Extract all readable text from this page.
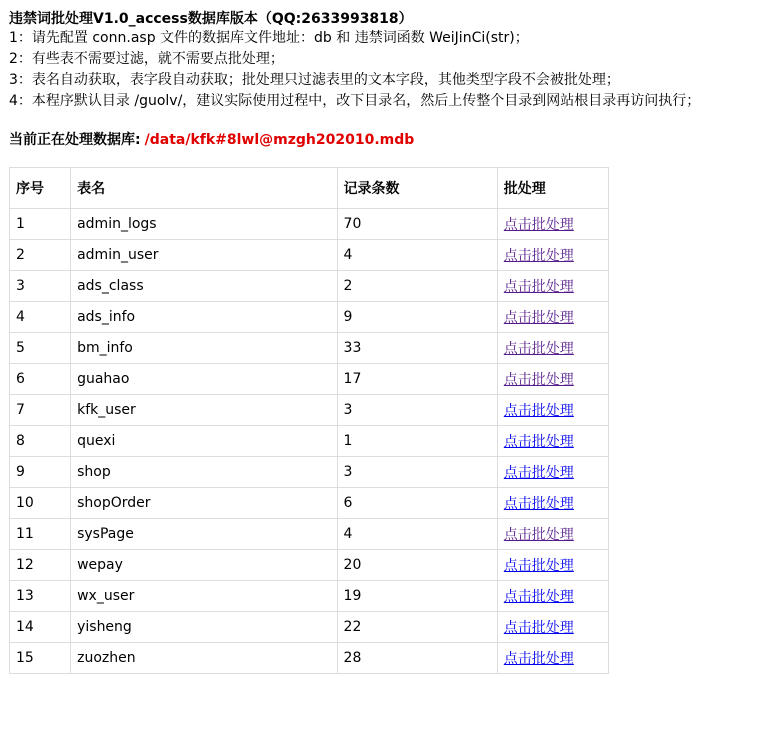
违禁词批处理V1.0_access数据库版本（QQ:2633993818）
1：请先配置 conn.asp 文件的数据库文件地址：db 和 违禁词函数 WeiJinCi(str)；
2：有些表不需要过滤，就不需要点批处理；
3：表名自动获取，表字段自动获取；批处理只过滤表里的文本字段，其他类型字段不会被批处理；
4：本程序默认目录 /guolv/，建议实际使用过程中，改下目录名，然后上传整个目录到网站根目录再访问执行；
当前正在处理数据库: /data/kfk#8lwl@mzgh202010.mdb
序号	表名	记录条数	批处理
1	admin_logs	70	点击批处理
2	admin_user	4	点击批处理
3	ads_class	2	点击批处理
4	ads_info	9	点击批处理
5	bm_info	33	点击批处理
6	guahao	17	点击批处理
7	kfk_user	3	点击批处理
8	quexi	1	点击批处理
9	shop	3	点击批处理
10	shopOrder	6	点击批处理
11	sysPage	4	点击批处理
12	wepay	20	点击批处理
13	wx_user	19	点击批处理
14	yisheng	22	点击批处理
15	zuozhen	28	点击批处理
